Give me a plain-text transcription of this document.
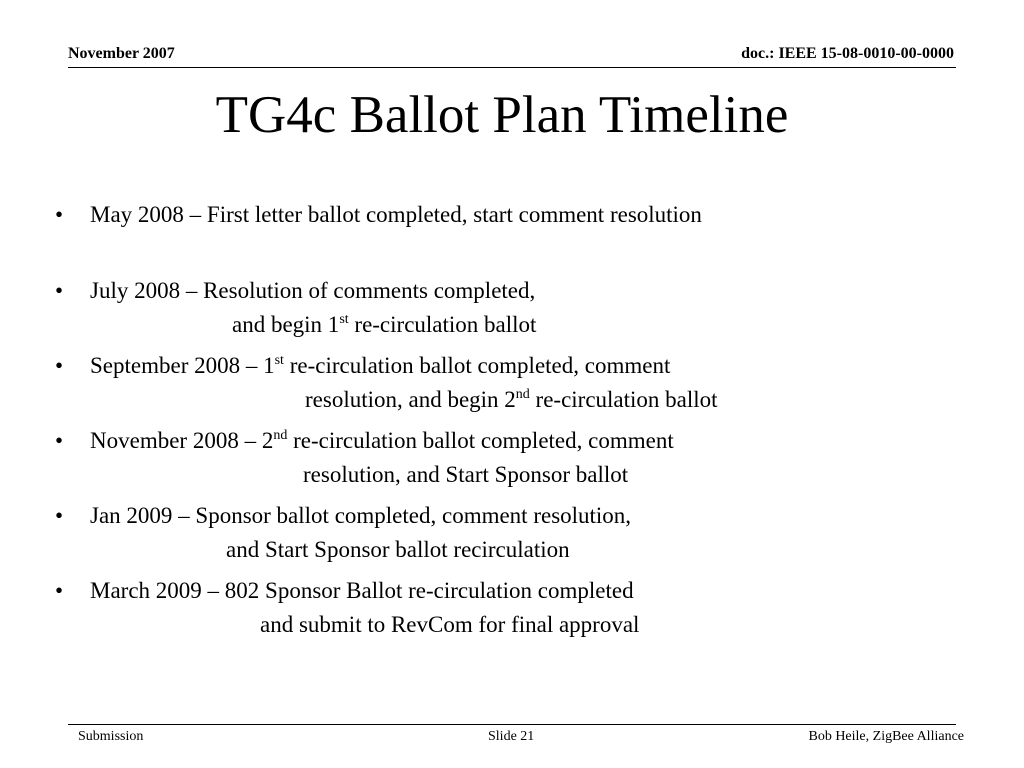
November 2007	doc.: IEEE 15-08-0010-00-0000
TG4c Ballot Plan Timeline
• May 2008 – First letter ballot completed, start comment resolution
• July 2008 – Resolution of comments completed,
and begin 1st re-circulation ballot
• September 2008 – 1st re-circulation ballot completed, comment
resolution, and begin 2nd re-circulation ballot
• November 2008 – 2nd re-circulation ballot completed, comment
resolution, and Start Sponsor ballot
• Jan 2009 – Sponsor ballot completed, comment resolution,
and Start Sponsor ballot recirculation
• March 2009 – 802 Sponsor Ballot re-circulation completed
and submit to RevCom for final approval
Submission	Slide 21	Bob Heile, ZigBee Alliance
